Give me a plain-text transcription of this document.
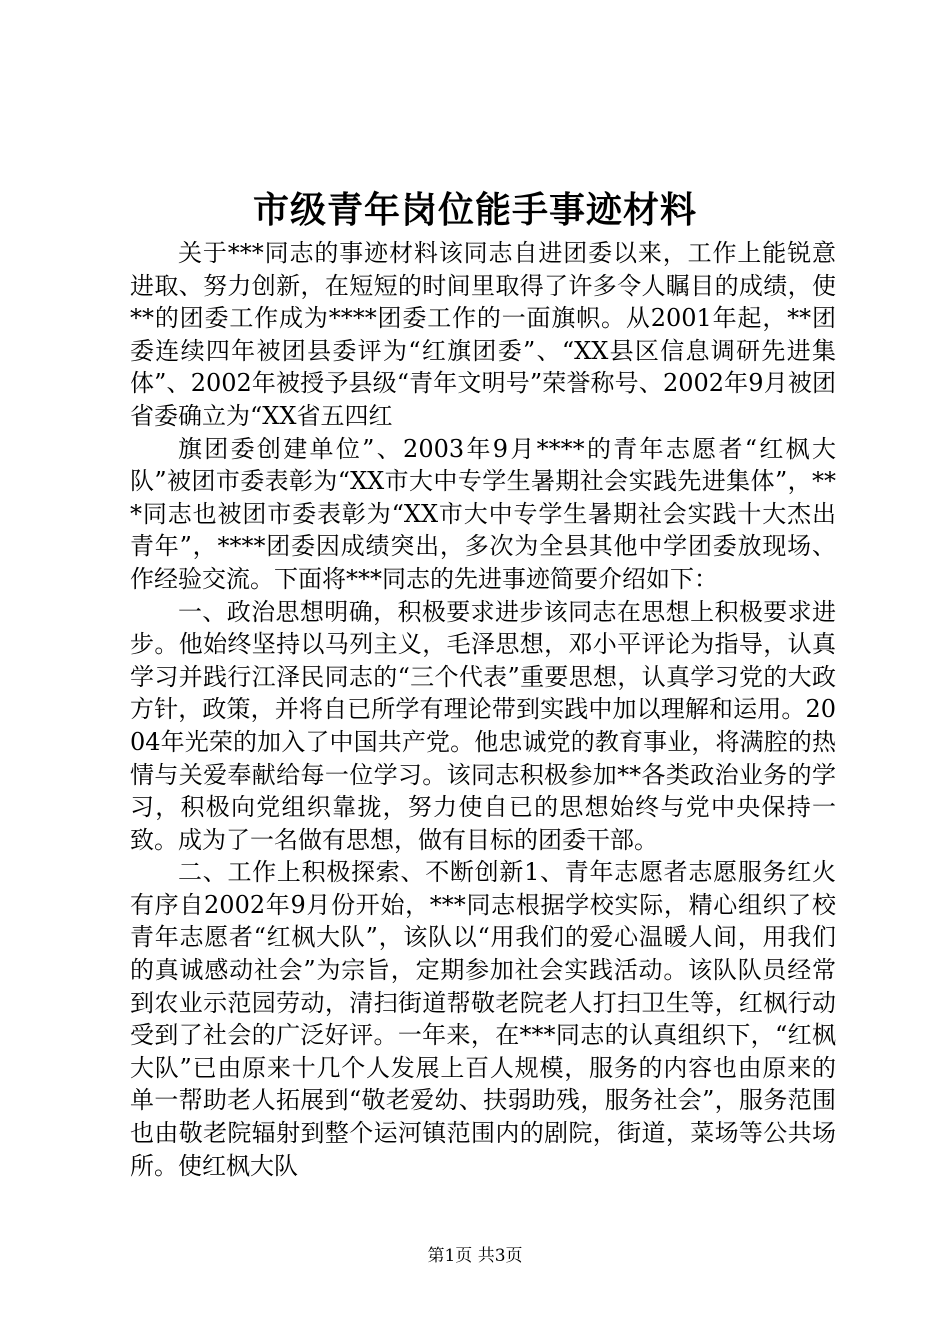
市级青年岗位能手事迹材料

关于***同志的事迹材料该同志自进团委以来，工作上能锐意进取、努力创新，在短短的时间里取得了许多令人瞩目的成绩，使**的团委工作成为****团委工作的一面旗帜。从2001年起，**团委连续四年被团县委评为“红旗团委”、“XX县区信息调研先进集体”、2002年被授予县级“青年文明号”荣誉称号、2002年9月被团省委确立为“XX省五四红

旗团委创建单位”、2003年9月****的青年志愿者“红枫大队”被团市委表彰为“XX市大中专学生暑期社会实践先进集体”，***同志也被团市委表彰为“XX市大中专学生暑期社会实践十大杰出青年”，****团委因成绩突出，多次为全县其他中学团委放现场、作经验交流。下面将***同志的先进事迹简要介绍如下：

一、政治思想明确，积极要求进步该同志在思想上积极要求进步。他始终坚持以马列主义，毛泽思想，邓小平评论为指导，认真学习并践行江泽民同志的“三个代表”重要思想，认真学习党的大政方针，政策，并将自已所学有理论带到实践中加以理解和运用。2004年光荣的加入了中国共产党。他忠诚党的教育事业，将满腔的热情与关爱奉献给每一位学习。该同志积极参加**各类政治业务的学习，积极向党组织靠拢，努力使自已的思想始终与党中央保持一致。成为了一名做有思想，做有目标的团委干部。

二、工作上积极探索、不断创新1、青年志愿者志愿服务红火有序自2002年9月份开始，***同志根据学校实际，精心组织了校青年志愿者“红枫大队”，该队以“用我们的爱心温暖人间，用我们的真诚感动社会”为宗旨，定期参加社会实践活动。该队队员经常到农业示范园劳动，清扫街道帮敬老院老人打扫卫生等，红枫行动受到了社会的广泛好评。一年来，在***同志的认真组织下，“红枫大队”已由原来十几个人发展上百人规模，服务的内容也由原来的单一帮助老人拓展到“敬老爱幼、扶弱助残，服务社会”，服务范围也由敬老院辐射到整个运河镇范围内的剧院，街道，菜场等公共场所。使红枫大队

第1页 共3页
